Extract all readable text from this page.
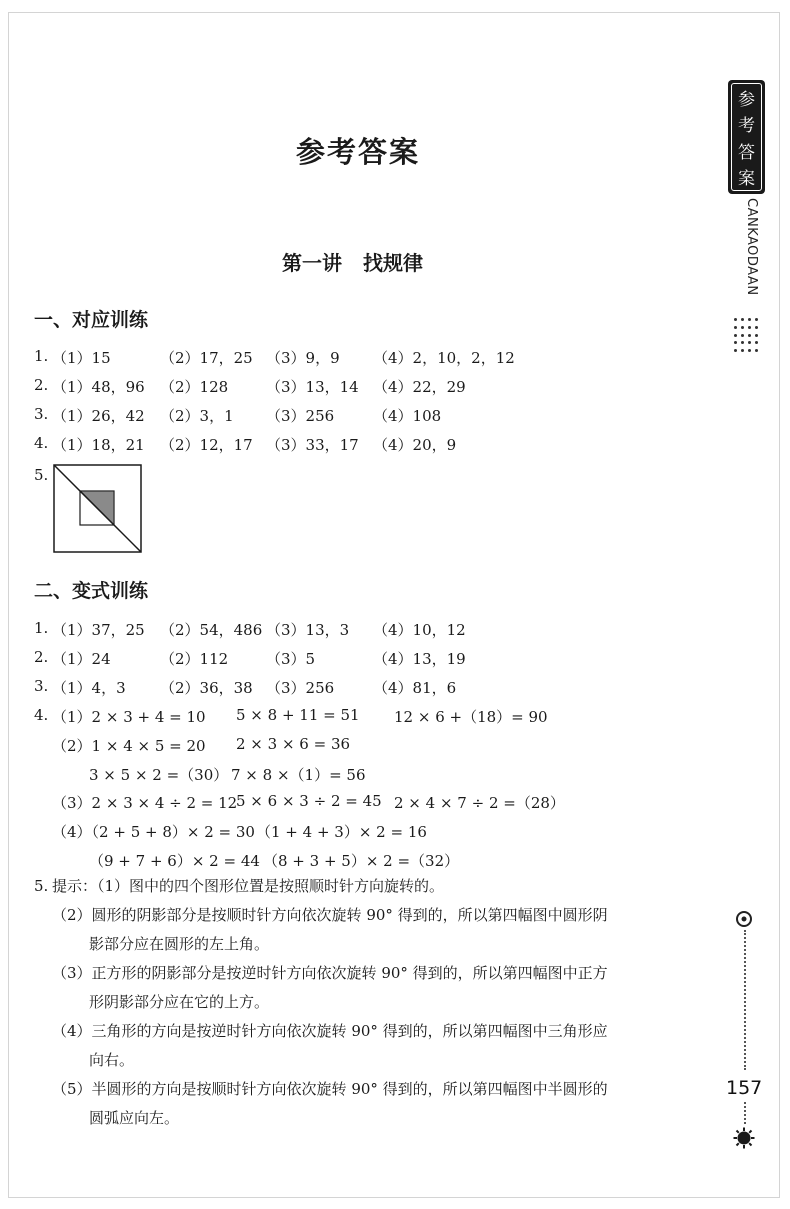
参考答案
第一讲 找规律
一、对应训练
1. （1）15	（2）17，25 （3）9，9 （4）2，10，2，12
2. （1）48，96 （2）128	（3）13，14 （4）22，29
3. （1）26，42 （2）3，1 （3）256	（4）108
4. （1）18，21 （2）12，17 （3）33，17 （4）20，9
5.
二、变式训练
1. （1）37，25 （2）54，486 （3）13，3 （4）10，12
2. （1）24	（2）112	（3）5	（4）13，19
3. （1）4，3 （2）36，38 （3）256	（4）81，6
4. （1）2 × 3 + 4 = 10 5 × 8 + 11 = 51 12 × 6 +（18）= 90
（2）1 × 4 × 5 = 20 2 × 3 × 6 = 36
3 × 5 × 2 =（30） 7 × 8 ×（1）= 56
（3）2 × 3 × 4 ÷ 2 = 12
5 × 6 × 3 ÷ 2 = 45 2 × 4 × 7 ÷ 2 =（28）
（4）（2 + 5 + 8）× 2 = 30 （1 + 4 + 3）× 2 = 16
（9 + 7 + 6）× 2 = 44 （8 + 3 + 5）× 2 =（32）
5. 提示：（1）图中的四个图形位置是按照顺时针方向旋转的。
（2）圆形的阴影部分是按顺时针方向依次旋转 90° 得到的，所以第四幅图中圆形阴
影部分应在圆形的左上角。
（3）正方形的阴影部分是按逆时针方向依次旋转 90° 得到的，所以第四幅图中正方
形阴影部分应在它的上方。
（4）三角形的方向是按逆时针方向依次旋转 90° 得到的，所以第四幅图中三角形应
向右。
（5）半圆形的方向是按顺时针方向依次旋转 90° 得到的，所以第四幅图中半圆形的
圆弧应向左。
参
考
答
案
CANKAODAAN
157
